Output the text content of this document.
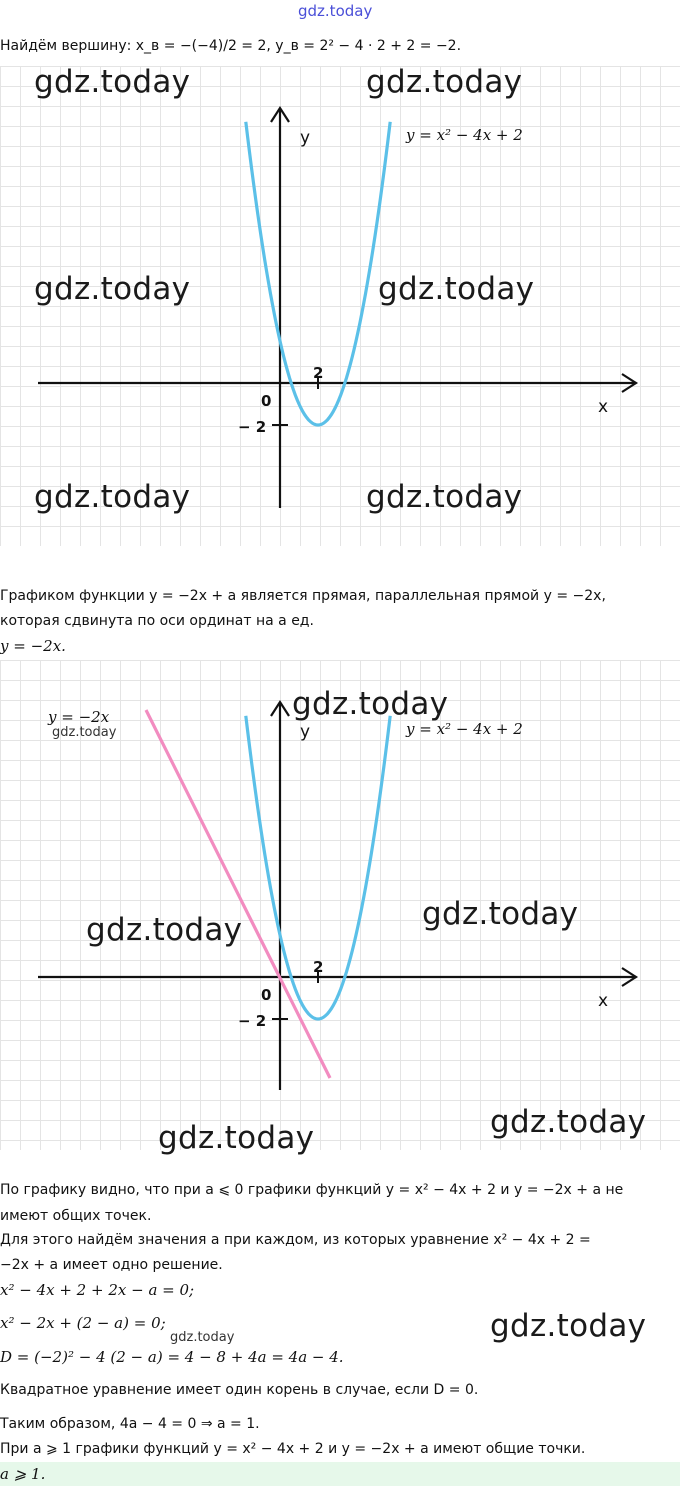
gdz.today
Найдём вершину: x_в = −(−4)/2 = 2, y_в = 2² − 4 · 2 + 2 = −2.
y
x
0
2
− 2
y = x² − 4x + 2
gdz.today	gdz.today
gdz.today	gdz.today
gdz.today	gdz.today
Графиком функции y = −2x + a является прямая, параллельная прямой y = −2x,
которая сдвинута по оси ординат на a ед.
y = −2x.
y
x
0
2
− 2
y = x² − 4x + 2
y = −2x
gdz.today
gdz.today
gdz.today	gdz.today
gdz.today	gdz.today
По графику видно, что при a ⩽ 0 графики функций y = x² − 4x + 2 и y = −2x + a не
имеют общих точек.
Для этого найдём значения a при каждом, из которых уравнение x² − 4x + 2 =
−2x + a имеет одно решение.
x² − 4x + 2 + 2x − a = 0;
x² − 2x + (2 − a) = 0;
gdz.today	gdz.today
D = (−2)² − 4 (2 − a) = 4 − 8 + 4a = 4a − 4.
Квадратное уравнение имеет один корень в случае, если D = 0.
Таким образом, 4a − 4 = 0 ⇒ a = 1.
При a ⩾ 1 графики функций y = x² − 4x + 2 и y = −2x + a имеют общие точки.
a ⩾ 1.
